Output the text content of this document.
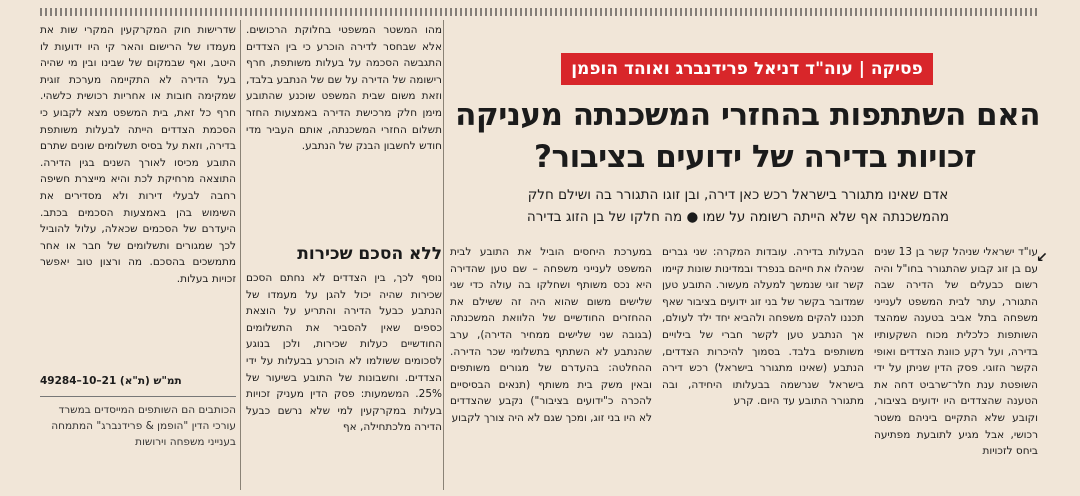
פסיקה | עוה"ד דניאל פרידנברג ואוהד הופמן
האם השתתפות בהחזרי המשכנתה מעניקה
זכויות בדירה של ידועים בציבור?
אדם שאינו מתגורר בישראל רכש כאן דירה, ובן זוגו התגורר בה ושילם חלק
מהמשכנתה אף שלא הייתה רשומה על שמו ● מה חלקו של בן הזוג בדירה
↙

עו"ד ישראלי שניהל קשר בן 13 שנים עם בן זוג קבוע שהתגורר בחו"ל והיה רשום כבעלים של הדירה שבה התגורר, עתר לבית המשפט לענייני משפחה בתל אביב בטענה שמהצד השותפות כלכלית מכוח השקעותיו בדירה, ועל רקע כוונת הצדדים ואופי הקשר הזוגי. פסק הדין שניתן על ידי השופטת ענת חלר־שרביט דחה את הטענה שהצדדים היו ידועים בציבור, וקובע שלא התקיים ביניהם משטר רכושי, אבל מגיע לתובעת מפתיעה ביחס לזכויות

הבעלות בדירה. עובדות המקרה: שני גברים שניהלו את חייהם בנפרד ובמדינות שונות קיימו קשר זוגי שנמשך למעלה מעשור. התובע טען שמדובר בקשר של בני זוג ידועים בציבור שאף תכננו להקים משפחה ולהביא יחד ילד לעולם, אך הנתבע טען לקשר חברי של בילויים משותפים בלבד. בסמוך להיכרות הצדדים, הנתבע (שאינו מתגורר בישראל) רכש דירה בישראל שנרשמה בבעלותו היחידה, ובה מתגורר התובע עד היום. קרע

במערכת היחסים הוביל את התובע לבית המשפט לענייני משפחה – שם טען שהדירה היא נכס משותף ושחלקו בה עולה כדי שני שלישים משום שהוא היה זה ששילם את ההחזרים החודשיים של הלוואת המשכנתה (בגובה שני שלישים ממחיר הדירה), ערב שהנתבע לא השתתף בתשלומי שכר הדירה. ההחלטה: בהעדרם של מגורים משותפים ובאין משק בית משותף (תנאים הבסיסיים להכרה כ"ידועים בציבור") נקבע שהצדדים לא היו בני זוג, ומכך שגם לא היה צורך לקבוע

מהו המשטר המשפטי בחלוקת הרכושים. אלא שבחסר לדירה הוכרע כי בין הצדדים התגבשה הסכמה על בעלות משותפת, חרף רישומה של הדירה על שם של הנתבע בלבד, וזאת משום שבית המשפט שוכנע שהתובע מימן חלק מרכישת הדירה באמצעות החזר תשלום החזרי המשכנתה, אותם העביר מדי חודש לחשבון הבנק של הנתבע.

ללא הסכם שכירות

נוסף לכך, בין הצדדים לא נחתם הסכם שכירות שהיה יכול להגן על מעמדו של הנתבע כבעל הדירה והתריע על הוצאת כספים שאין להסביר את התשלומים החודשיים כעלות שכירות, ולכן בנוגע לסכומים ששולמו לא הוכרע בבעלות על ידי הצדדים. וחשבונות של התובע בשיעור של 25%. המשמעות: פסק הדין מעניק זכויות בעלות במקרקעין למי שלא נרשם כבעל הדירה מלכתחילה, אף

שדרישות חוק המקרקעין המקרי שות את מעמדו של הרישום והאר קי היו ידועות לו היטב, ואף שבמקום של שבינו ובין מי שהיה בעל הדירה לא התקיימה מערכת זוגית שמקימה חובות או אחריות רכושית כלשהי. חרף כל זאת, בית המשפט מצא לקבוע כי הסכמת הצדדים הייתה לבעלות משותפת בדירה, וזאת על בסיס תשלומים שונים שתרם התובע מכיסו לאורך השנים בגין הדירה. התוצאה מרחיקת לכת והיא מייצרת חשיפה רחבה לבעלי דירות ולא מסדירים את השימוש בהן באמצעות הסכמים בכתב. היעדרם של הסכמים שכאלה, עלול להוביל לכך שמגורים ותשלומים של חבר או אחר מתמשכים בהסכם. מה ורצון טוב יאפשר זכויות בעלות.

תמ"ש (ת"א) 21–10–49284
הכותבים הם השותפים המייסדים במשרד עורכי הדין "הופמן & פרידנברג" המתמחה בענייני משפחה וירושות
